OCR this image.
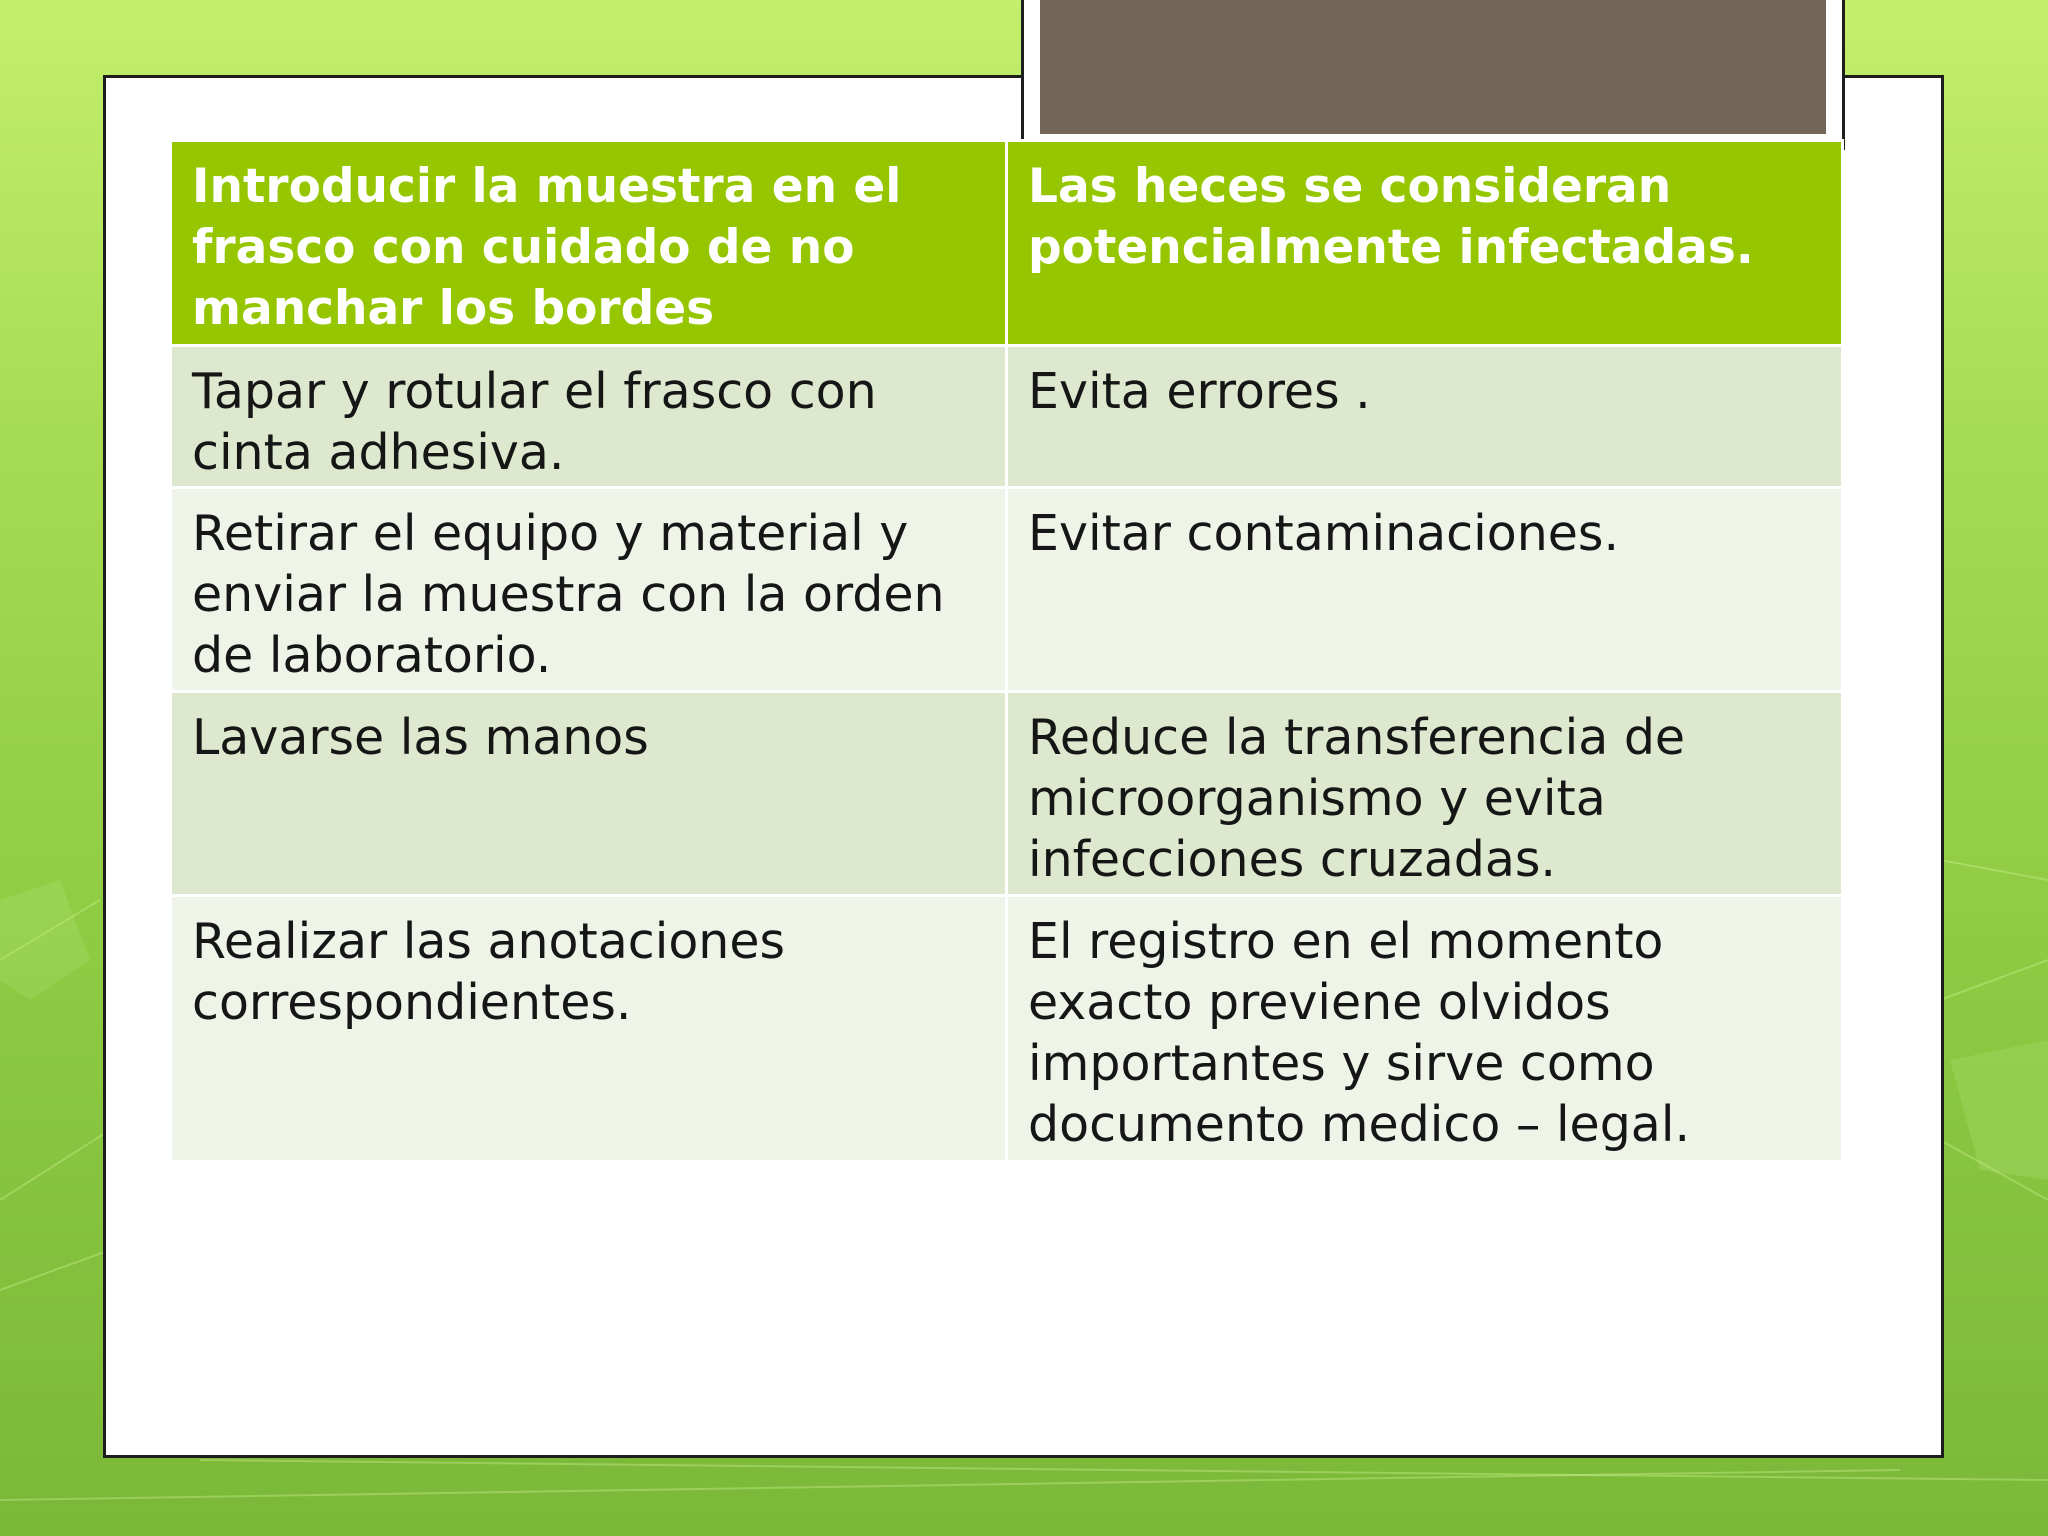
Introducir la muestra en el frasco con cuidado de no manchar los bordes	Las heces se consideran potencialmente infectadas.
Tapar y rotular el frasco con cinta adhesiva.	Evita errores .
Retirar el equipo y material y enviar la muestra con la orden de laboratorio.	Evitar contaminaciones.
Lavarse las manos	Reduce la transferencia de microorganismo y evita infecciones cruzadas.
Realizar las anotaciones correspondientes.	El registro en el momento exacto previene olvidos importantes y sirve como documento medico – legal.
